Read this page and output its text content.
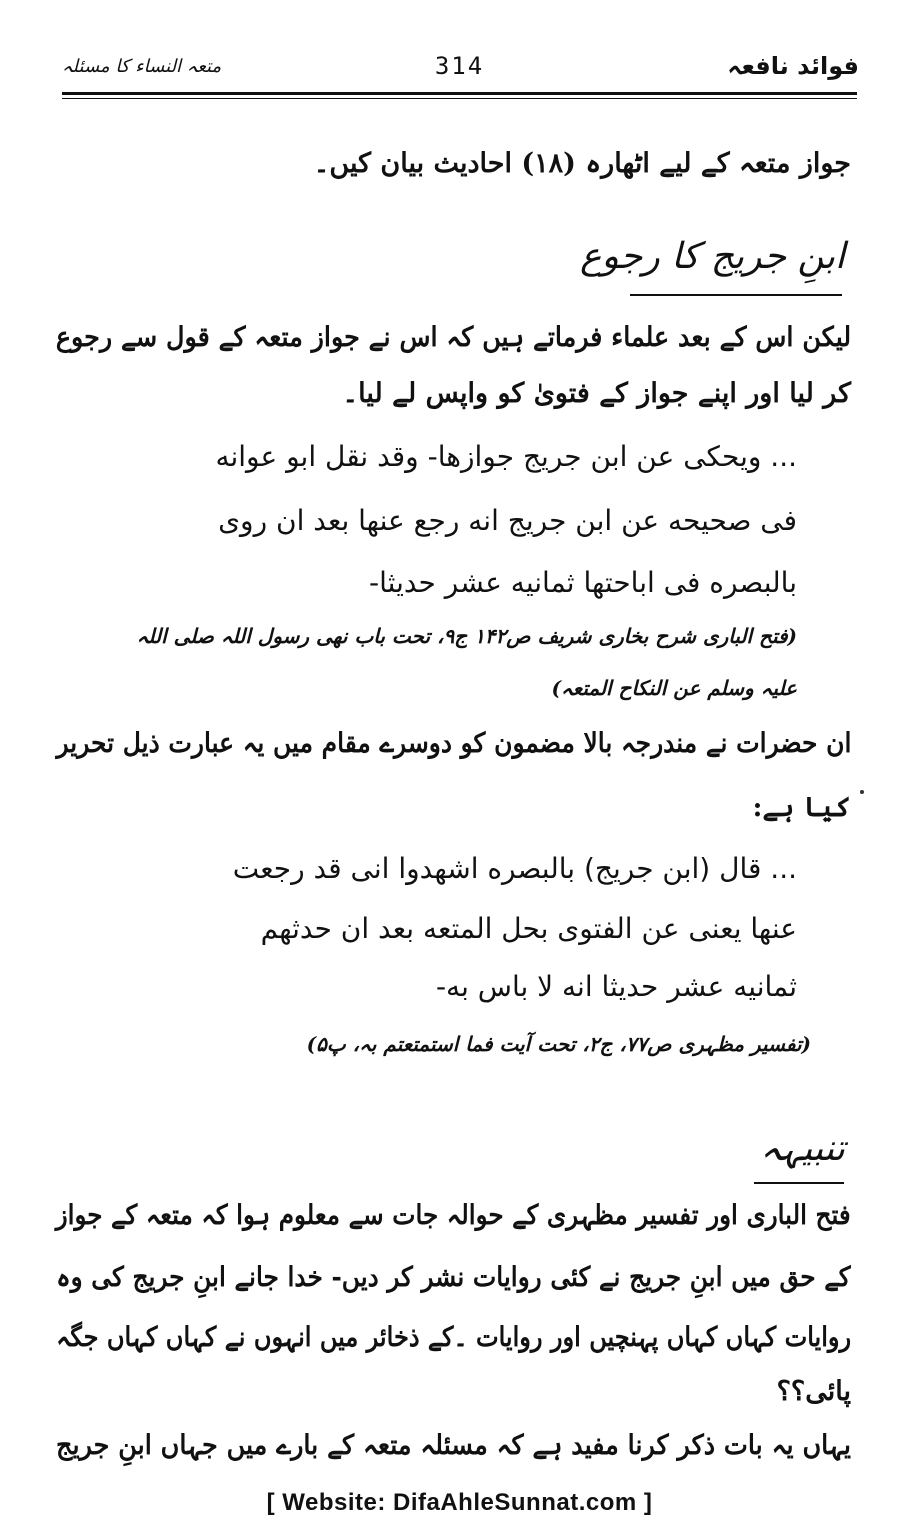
متعہ النساء کا مسئلہ	314	فوائد نافعہ
جواز متعہ کے لیے اٹھارہ (۱۸) احادیث بیان کیں۔
ابنِ جریج کا رجوع
لیکن اس کے بعد علماء فرماتے ہیں کہ اس نے جواز متعہ کے قول سے رجوع
کر لیا اور اپنے جواز کے فتویٰ کو واپس لے لیا۔
... ویحکی عن ابن جریج جوازها- وقد نقل ابو عوانه
فی صحیحه عن ابن جریج انه رجع عنها بعد ان روی
بالبصره فی اباحتها ثمانیه عشر حدیثا-
(فتح الباری شرح بخاری شریف ص۱۴۲ ج۹، تحت باب نهی رسول اللہ صلی اللہ
علیہ وسلم عن النکاح المتعہ)
ان حضرات نے مندرجہ بالا مضمون کو دوسرے مقام میں یہ عبارت ذیل تحریر
کیا ہے:
... قال (ابن جریج) بالبصره اشهدوا انی قد رجعت
عنها یعنی عن الفتوی بحل المتعه بعد ان حدثهم
ثمانیه عشر حدیثا انه لا باس به-
(تفسیر مظہری ص۷۷، ج۲، تحت آیت فما استمتعتم بہ، پ۵)
تنبیہہ
فتح الباری اور تفسیر مظہری کے حوالہ جات سے معلوم ہوا کہ متعہ کے جواز
کے حق میں ابنِ جریج نے کئی روایات نشر کر دیں- خدا جانے ابنِ جریج کی وہ
روایات کہاں کہاں پہنچیں اور روایات ۔کے ذخائر میں انہوں نے کہاں کہاں جگہ
پائی؟؟
یہاں یہ بات ذکر کرنا مفید ہے کہ مسئلہ متعہ کے بارے میں جہاں ابنِ جریج
[ Website: DifaAhleSunnat.com ]
